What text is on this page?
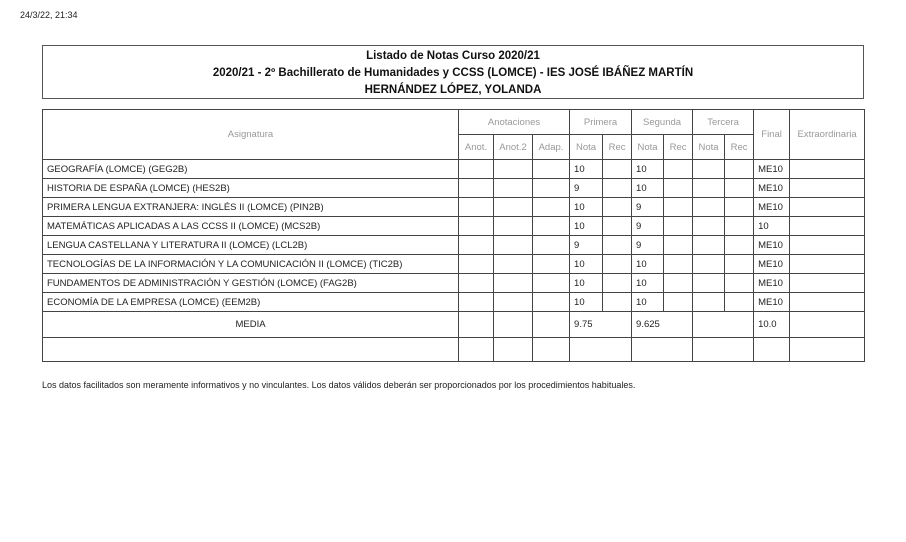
24/3/22, 21:34
Listado de Notas Curso 2020/21
2020/21 - 2º Bachillerato de Humanidades y CCSS (LOMCE) - IES JOSÉ IBÁÑEZ MARTÍN
HERNÁNDEZ LÓPEZ, YOLANDA
Asignatura	Anotaciones			Primera		Segunda		Tercera		Final	Extraordinaria
	Anot.	Anot.2	Adap.	Nota	Rec	Nota	Rec	Nota	Rec		
GEOGRAFÍA (LOMCE) (GEG2B)				10		10				ME10	
HISTORIA DE ESPAÑA (LOMCE) (HES2B)				9		10				ME10	
PRIMERA LENGUA EXTRANJERA: INGLÉS II (LOMCE) (PIN2B)				10		9				ME10	
MATEMÁTICAS APLICADAS A LAS CCSS II (LOMCE) (MCS2B)				10		9				10	
LENGUA CASTELLANA Y LITERATURA II (LOMCE) (LCL2B)				9		9				ME10	
TECNOLOGÍAS DE LA INFORMACIÓN Y LA COMUNICACIÓN II (LOMCE) (TIC2B)				10		10				ME10	
FUNDAMENTOS DE ADMINISTRACIÓN Y GESTIÓN (LOMCE) (FAG2B)				10		10				ME10	
ECONOMÍA DE LA EMPRESA (LOMCE) (EEM2B)				10		10				ME10	
MEDIA				9.75		9.625				10.0	

Los datos facilitados son meramente informativos y no vinculantes. Los datos válidos deberán ser proporcionados por los procedimientos habituales.
